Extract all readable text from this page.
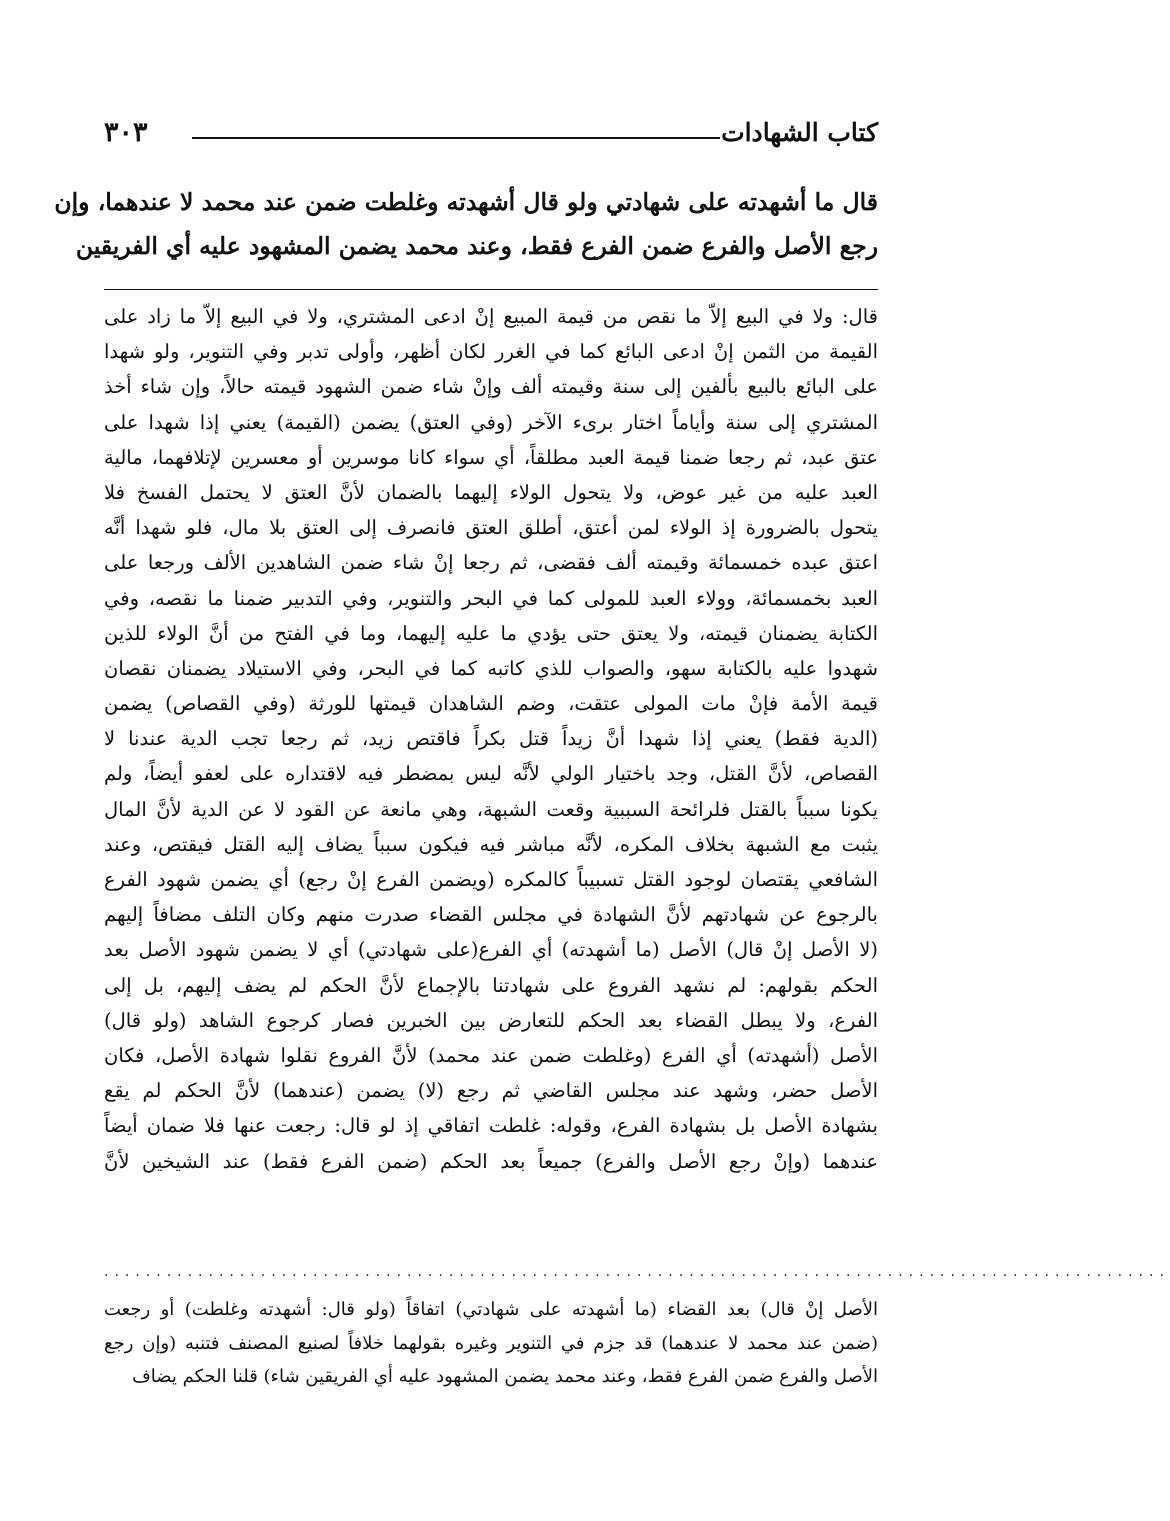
كتاب الشهادات
٣٠٣
قال ما أشهدته على شهادتي ولو قال أشهدته وغلطت ضمن عند محمد لا عندهما، وإن
رجع الأصل والفرع ضمن الفرع فقط، وعند محمد يضمن المشهود عليه أي الفريقين
قال: ولا في البيع إلاّ ما نقص من قيمة المبيع إنْ ادعى المشتري، ولا في البيع إلاّ ما زاد على
القيمة من الثمن إنْ ادعى البائع كما في الغرر لكان أظهر، وأولى تدبر وفي التنوير، ولو شهدا
على البائع بالبيع بألفين إلى سنة وقيمته ألف وإنْ شاء ضمن الشهود قيمته حالاً، وإن شاء أخذ
المشتري إلى سنة وأياماً اختار برىء الآخر (وفي العتق) يضمن (القيمة) يعني إذا شهدا على
عتق عبد، ثم رجعا ضمنا قيمة العبد مطلقاً، أي سواء كانا موسرين أو معسرين لإتلافهما، مالية
العبد عليه من غير عوض، ولا يتحول الولاء إليهما بالضمان لأنَّ العتق لا يحتمل الفسخ فلا
يتحول بالضرورة إذ الولاء لمن أعتق، أطلق العتق فانصرف إلى العتق بلا مال، فلو شهدا أنَّه
اعتق عبده خمسمائة وقيمته ألف فقضى، ثم رجعا إنْ شاء ضمن الشاهدين الألف ورجعا على
العبد بخمسمائة، وولاء العبد للمولى كما في البحر والتنوير، وفي التدبير ضمنا ما نقصه، وفي
الكتابة يضمنان قيمته، ولا يعتق حتى يؤدي ما عليه إليهما، وما في الفتح من أنَّ الولاء للذين
شهدوا عليه بالكتابة سهو، والصواب للذي كاتبه كما في البحر، وفي الاستيلاد يضمنان نقصان
قيمة الأمة فإنْ مات المولى عتقت، وضم الشاهدان قيمتها للورثة (وفي القصاص) يضمن
(الدية فقط) يعني إذا شهدا أنَّ زيداً قتل بكراً فاقتص زيد، ثم رجعا تجب الدية عندنا لا
القصاص، لأنَّ القتل، وجد باختيار الولي لأنَّه ليس بمضطر فيه لاقتداره على لعفو أيضاً، ولم
يكونا سبباً بالقتل فلرائحة السببية وقعت الشبهة، وهي مانعة عن القود لا عن الدية لأنَّ المال
يثبت مع الشبهة بخلاف المكره، لأنَّه مباشر فيه فيكون سبباً يضاف إليه القتل فيقتص، وعند
الشافعي يقتصان لوجود القتل تسبيباً كالمكره (ويضمن الفرع إنْ رجع) أي يضمن شهود الفرع
بالرجوع عن شهادتهم لأنَّ الشهادة في مجلس القضاء صدرت منهم وكان التلف مضافاً إليهم
(لا الأصل إنْ قال) الأصل (ما أشهدته) أي الفرع(على شهادتي) أي لا يضمن شهود الأصل بعد
الحكم بقولهم: لم نشهد الفروع على شهادتنا بالإجماع لأنَّ الحكم لم يضف إليهم، بل إلى
الفرع، ولا يبطل القضاء بعد الحكم للتعارض بين الخبرين فصار كرجوع الشاهد (ولو قال)
الأصل (أشهدته) أي الفرع (وغلطت ضمن عند محمد) لأنَّ الفروع نقلوا شهادة الأصل، فكان
الأصل حضر، وشهد عند مجلس القاضي ثم رجع (لا) يضمن (عندهما) لأنَّ الحكم لم يقع
بشهادة الأصل بل بشهادة الفرع، وقوله: غلطت اتفاقي إذ لو قال: رجعت عنها فلا ضمان أيضاً
عندهما (وإنْ رجع الأصل والفرع) جميعاً بعد الحكم (ضمن الفرع فقط) عند الشيخين لأنَّ
......................................................................................................
الأصل إنْ قال) بعد القضاء (ما أشهدته على شهادتي) اتفاقاً (ولو قال: أشهدته وغلطت) أو رجعت
(ضمن عند محمد لا عندهما) قد جزم في التنوير وغيره بقولهما خلافاً لصنيع المصنف فتنبه (وإن رجع
الأصل والفرع ضمن الفرع فقط، وعند محمد يضمن المشهود عليه أي الفريقين شاء) قلنا الحكم يضاف
